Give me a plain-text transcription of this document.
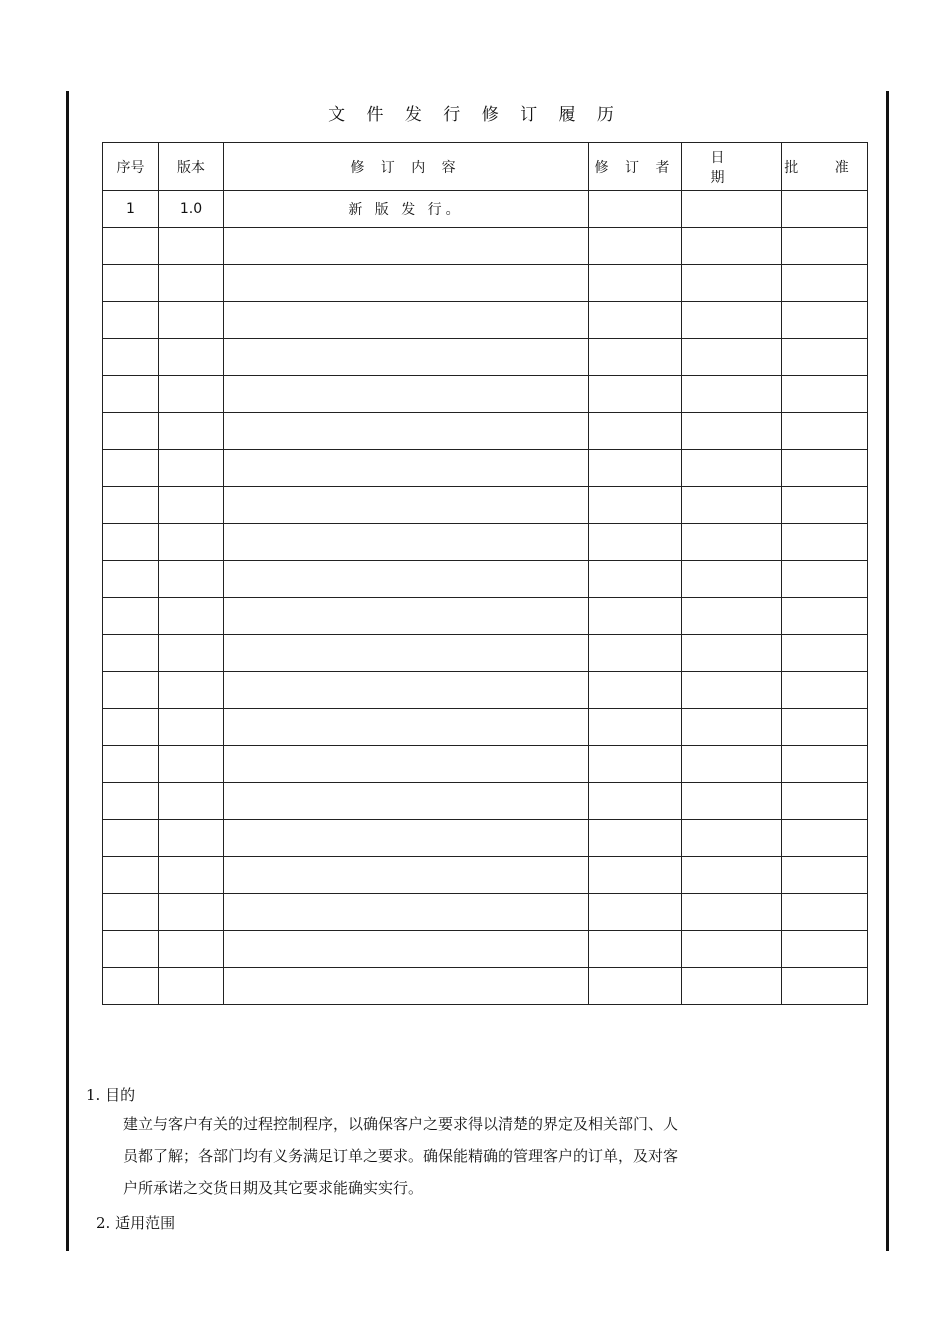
文 件 发 行 修 订 履 历
序号	版本	修 订 内 容	修 订 者	日 期	批 准
1	1.0	新 版 发 行。			

1. 目的
建立与客户有关的过程控制程序，以确保客户之要求得以清楚的界定及相关部门、人
员都了解；各部门均有义务满足订单之要求。确保能精确的管理客户的订单，及对客
户所承诺之交货日期及其它要求能确实实行。
2. 适用范围
